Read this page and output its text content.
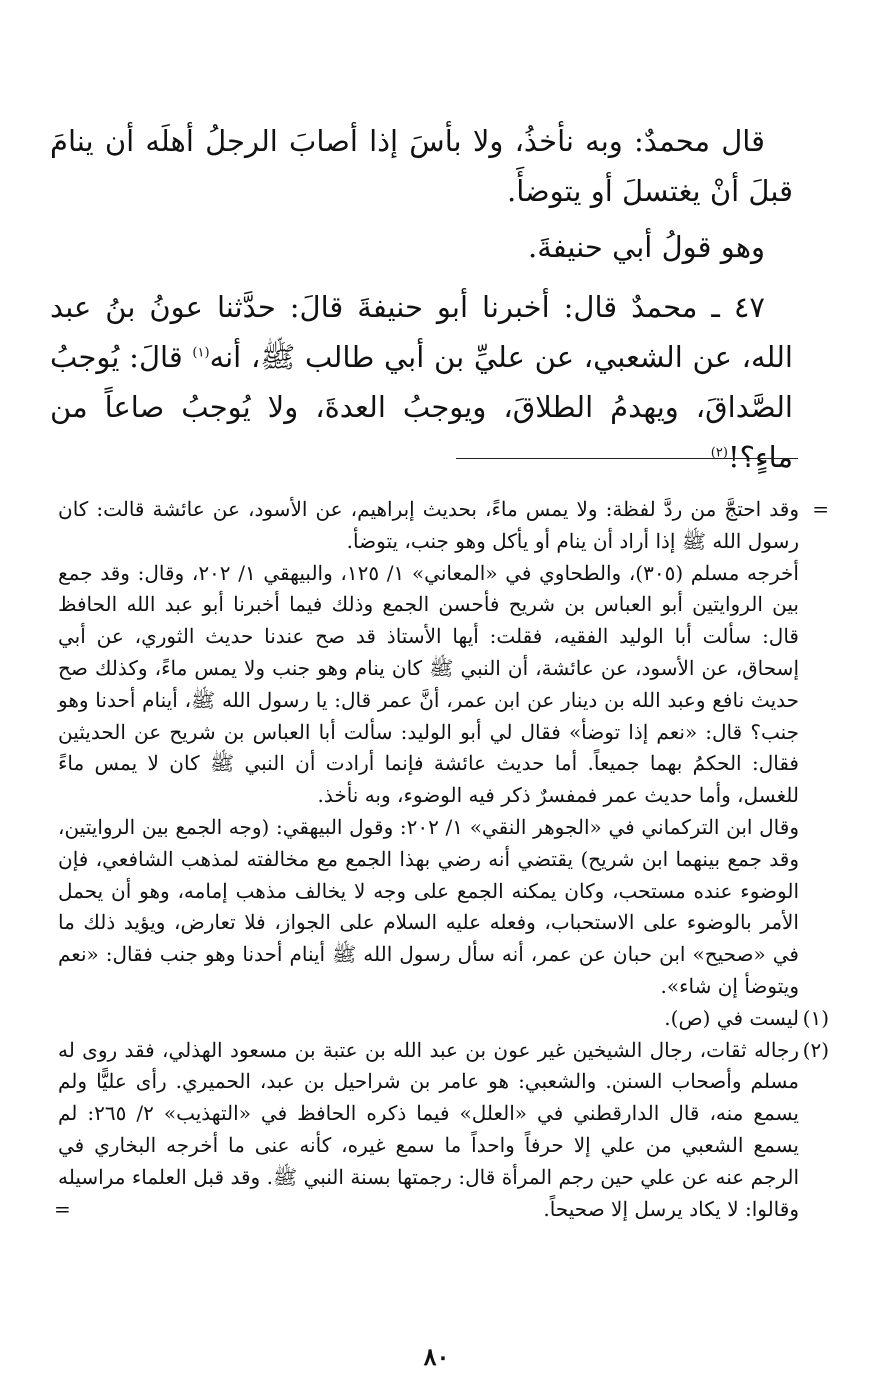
قال محمدٌ: وبه نأخذُ، ولا بأسَ إذا أصابَ الرجلُ أهلَه أن ينامَ قبلَ أنْ يغتسلَ أو يتوضأَ.

وهو قولُ أبي حنيفةَ.

٤٧ ـ محمدٌ قال: أخبرنا أبو حنيفةَ قالَ: حدَّثنا عونُ بنُ عبد الله، عن الشعبي، عن عليِّ بن أبي طالب ﷺ، أنه$^{(١)}$ قالَ: يُوجبُ الصَّداقَ، ويهدمُ الطلاقَ، ويوجبُ العدةَ، ولا يُوجبُ صاعاً من ماءٍ؟!$^{(٢)}$

=
وقد احتجَّ من ردَّ لفظة: ولا يمس ماءً، بحديث إبراهيم، عن الأسود، عن عائشة قالت: كان رسول الله ﷺ إذا أراد أن ينام أو يأكل وهو جنب، يتوضأ.

أخرجه مسلم (٣٠٥)، والطحاوي في «المعاني» ١/ ١٢٥، والبيهقي ١/ ٢٠٢، وقال: وقد جمع بين الروايتين أبو العباس بن شريح فأحسن الجمع وذلك فيما أخبرنا أبو عبد الله الحافظ قال: سألت أبا الوليد الفقيه، فقلت: أيها الأستاذ قد صح عندنا حديث الثوري، عن أبي إسحاق، عن الأسود، عن عائشة، أن النبي ﷺ كان ينام وهو جنب ولا يمس ماءً، وكذلك صح حديث نافع وعبد الله بن دينار عن ابن عمر، أنَّ عمر قال: يا رسول الله ﷺ، أينام أحدنا وهو جنب؟ قال: «نعم إذا توضأ» فقال لي أبو الوليد: سألت أبا العباس بن شريح عن الحديثين فقال: الحكمُ بهما جميعاً. أما حديث عائشة فإنما أرادت أن النبي ﷺ كان لا يمس ماءً للغسل، وأما حديث عمر فمفسرٌ ذكر فيه الوضوء، وبه نأخذ.

وقال ابن التركماني في «الجوهر النقي» ١/ ٢٠٢: وقول البيهقي: (وجه الجمع بين الروايتين، وقد جمع بينهما ابن شريح) يقتضي أنه رضي بهذا الجمع مع مخالفته لمذهب الشافعي، فإن الوضوء عنده مستحب، وكان يمكنه الجمع على وجه لا يخالف مذهب إمامه، وهو أن يحمل الأمر بالوضوء على الاستحباب، وفعله عليه السلام على الجواز، فلا تعارض، ويؤيد ذلك ما في «صحيح» ابن حبان عن عمر، أنه سأل رسول الله ﷺ أينام أحدنا وهو جنب فقال: «نعم ويتوضأ إن شاء».

(١)
ليست في (ص).

(٢)
رجاله ثقات، رجال الشيخين غير عون بن عبد الله بن عتبة بن مسعود الهذلي، فقد روى له مسلم وأصحاب السنن. والشعبي: هو عامر بن شراحيل بن عبد، الحميري. رأى عليًّا ولم يسمع منه، قال الدارقطني في «العلل» فيما ذكره الحافظ في «التهذيب» ٢/ ٢٦٥: لم يسمع الشعبي من علي إلا حرفاً واحداً ما سمع غيره، كأنه عنى ما أخرجه البخاري في الرجم عنه عن علي حين رجم المرأة قال: رجمتها بسنة النبي ﷺ. وقد قبل العلماء مراسيله وقالوا: لا يكاد يرسل إلا صحيحاً.
=

٨٠
